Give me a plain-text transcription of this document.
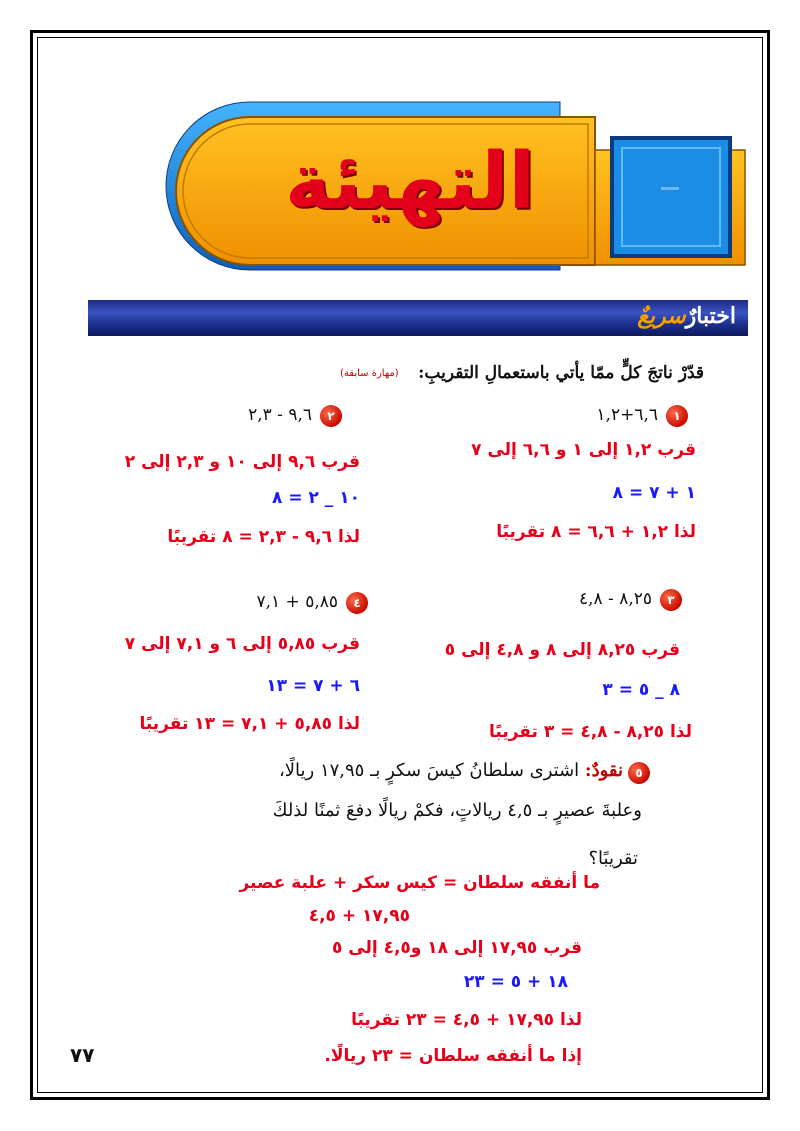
التهيئة
اختبارٌسريعٌ
قدّرْ ناتجَ كلٍّ ممّا يأتي باستعمالِ التقريبِ:
(مهارة سابقة)
١
٦,٦+١,٢
قرب ١,٢ إلى ١ و ٦,٦ إلى ٧
١ + ٧ = ٨
لذا ١,٢ + ٦,٦ = ٨ تقريبًا
٢
٩,٦ - ٢,٣
قرب ٩,٦ إلى ١٠ و ٢,٣ إلى ٢
١٠ _ ٢ = ٨
لذا ٩,٦ - ٢,٣ = ٨ تقريبًا
٣
٨,٢٥ - ٤,٨
قرب ٨,٢٥ إلى ٨ و ٤,٨ إلى ٥
٨ _ ٥ = ٣
لذا ٨,٢٥ - ٤,٨ = ٣ تقريبًا
٤
٥,٨٥ + ٧,١
قرب ٥,٨٥ إلى ٦ و ٧,١ إلى ٧
٦ + ٧ = ١٣
لذا ٥,٨٥ + ٧,١ = ١٣ تقريبًا
٥
نقودٌ: اشترى سلطانُ كيسَ سكرٍ بـ ١٧,٩٥ ريالًا،
وعلبةَ عصيرٍ بـ ٤,٥ ريالاتٍ، فكمْ ريالًا دفعَ ثمنًا لذلكَ
تقريبًا؟
ما أنفقه سلطان = كيس سكر + علبة عصير
١٧,٩٥ + ٤,٥
قرب ١٧,٩٥ إلى ١٨ و٤,٥ إلى ٥
١٨ + ٥ = ٢٣
لذا ١٧,٩٥ + ٤,٥ = ٢٣ تقريبًا
إذا ما أنفقه سلطان = ٢٣ ريالًا.
٧٧
